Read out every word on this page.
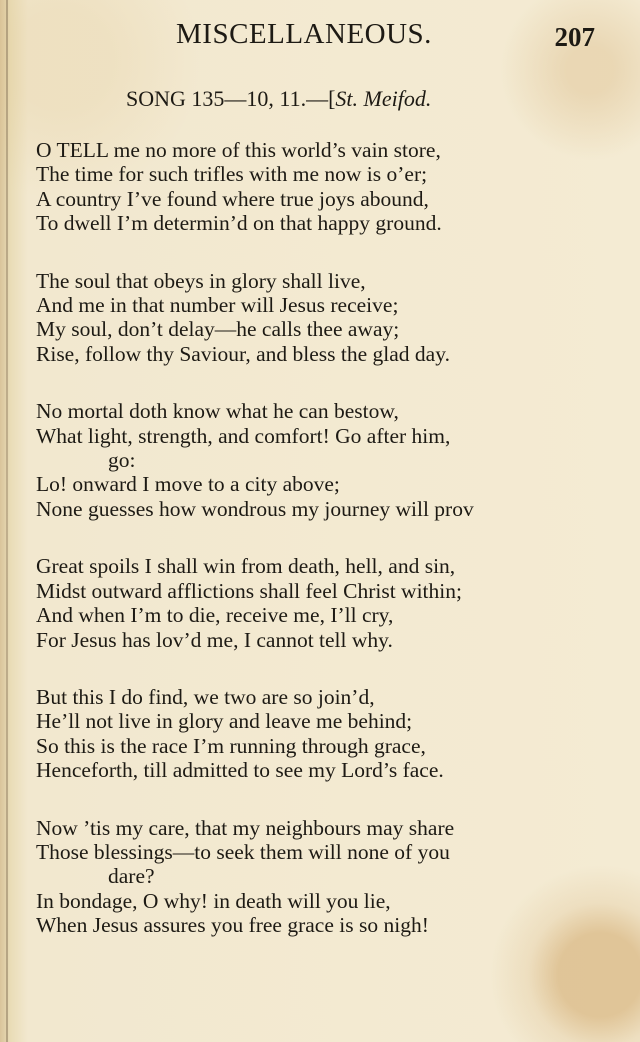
MISCELLANEOUS.	207
SONG 135—10, 11.—[St. Meifod.
O TELL me no more of this world’s vain store,
The time for such trifles with me now is o’er;
A country I’ve found where true joys abound,
To dwell I’m determin’d on that happy ground.
The soul that obeys in glory shall live,
And me in that number will Jesus receive;
My soul, don’t delay—he calls thee away;
Rise, follow thy Saviour, and bless the glad day.
No mortal doth know what he can bestow,
What light, strength, and comfort! Go after him,
go:
Lo! onward I move to a city above;
None guesses how wondrous my journey will prov
Great spoils I shall win from death, hell, and sin,
Midst outward afflictions shall feel Christ within;
And when I’m to die, receive me, I’ll cry,
For Jesus has lov’d me, I cannot tell why.
But this I do find, we two are so join’d,
He’ll not live in glory and leave me behind;
So this is the race I’m running through grace,
Henceforth, till admitted to see my Lord’s face.
Now ’tis my care, that my neighbours may share
Those blessings—to seek them will none of you
dare?
In bondage, O why! in death will you lie,
When Jesus assures you free grace is so nigh!
